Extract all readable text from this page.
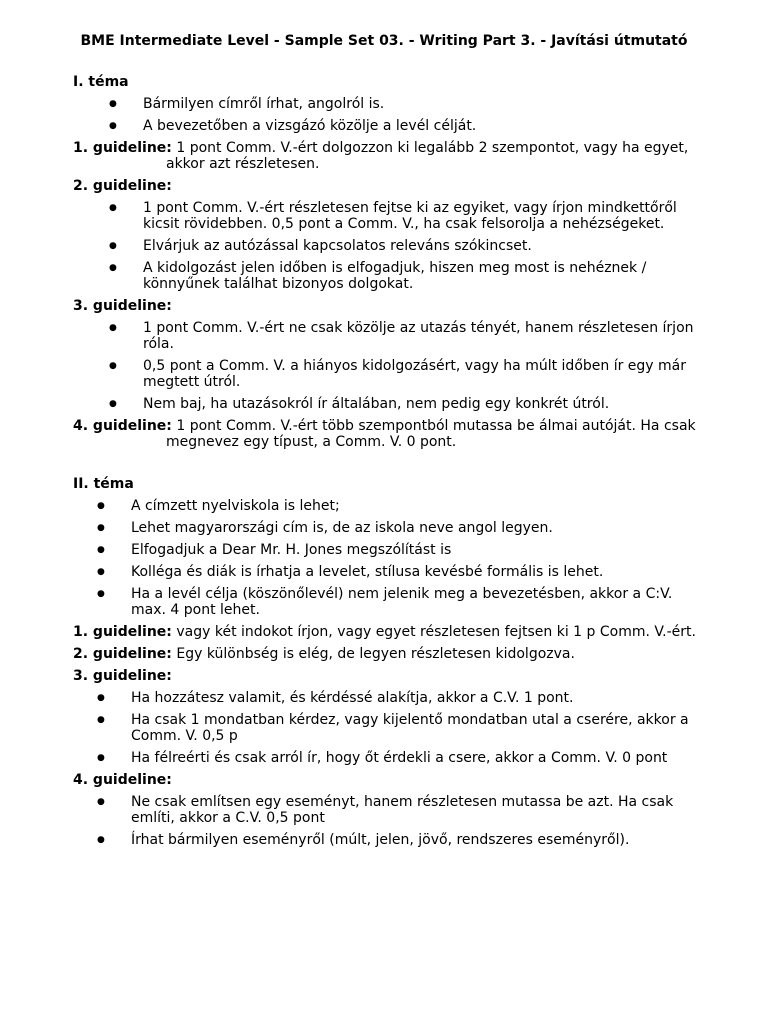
BME Intermediate Level - Sample Set 03. - Writing Part 3. - Javítási útmutató
I. téma
● Bármilyen címről írhat, angolról is.
● A bevezetőben a vizsgázó közölje a levél célját.
1. guideline: 1 pont Comm. V.-ért dolgozzon ki legalább 2 szempontot, vagy ha egyet, akkor azt részletesen.
2. guideline:
● 1 pont Comm. V.-ért részletesen fejtse ki az egyiket, vagy írjon mindkettőről kicsit rövidebben. 0,5 pont a Comm. V., ha csak felsorolja a nehézségeket.
● Elvárjuk az autózással kapcsolatos releváns szókincset.
● A kidolgozást jelen időben is elfogadjuk, hiszen meg most is nehéznek / könnyűnek találhat bizonyos dolgokat.
3. guideline:
● 1 pont Comm. V.-ért ne csak közölje az utazás tényét, hanem részletesen írjon róla.
● 0,5 pont a Comm. V. a hiányos kidolgozásért, vagy ha múlt időben ír egy már megtett útról.
● Nem baj, ha utazásokról ír általában, nem pedig egy konkrét útról.
4. guideline: 1 pont Comm. V.-ért több szempontból mutassa be álmai autóját. Ha csak megnevez egy típust, a Comm. V. 0 pont.
II. téma
● A címzett nyelviskola is lehet;
● Lehet magyarországi cím is, de az iskola neve angol legyen.
● Elfogadjuk a Dear Mr. H. Jones megszólítást is
● Kolléga és diák is írhatja a levelet, stílusa kevésbé formális is lehet.
● Ha a levél célja (köszönőlevél) nem jelenik meg a bevezetésben, akkor a C:V. max. 4 pont lehet.
1. guideline: vagy két indokot írjon, vagy egyet részletesen fejtsen ki 1 p Comm. V.-ért.
2. guideline: Egy különbség is elég, de legyen részletesen kidolgozva.
3. guideline:
● Ha hozzátesz valamit, és kérdéssé alakítja, akkor a C.V. 1 pont.
● Ha csak 1 mondatban kérdez, vagy kijelentő mondatban utal a cserére, akkor a Comm. V. 0,5 p
● Ha félreérti és csak arról ír, hogy őt érdekli a csere, akkor a Comm. V. 0 pont
4. guideline:
● Ne csak említsen egy eseményt, hanem részletesen mutassa be azt. Ha csak említi, akkor a C.V. 0,5 pont
● Írhat bármilyen eseményről (múlt, jelen, jövő, rendszeres eseményről).
